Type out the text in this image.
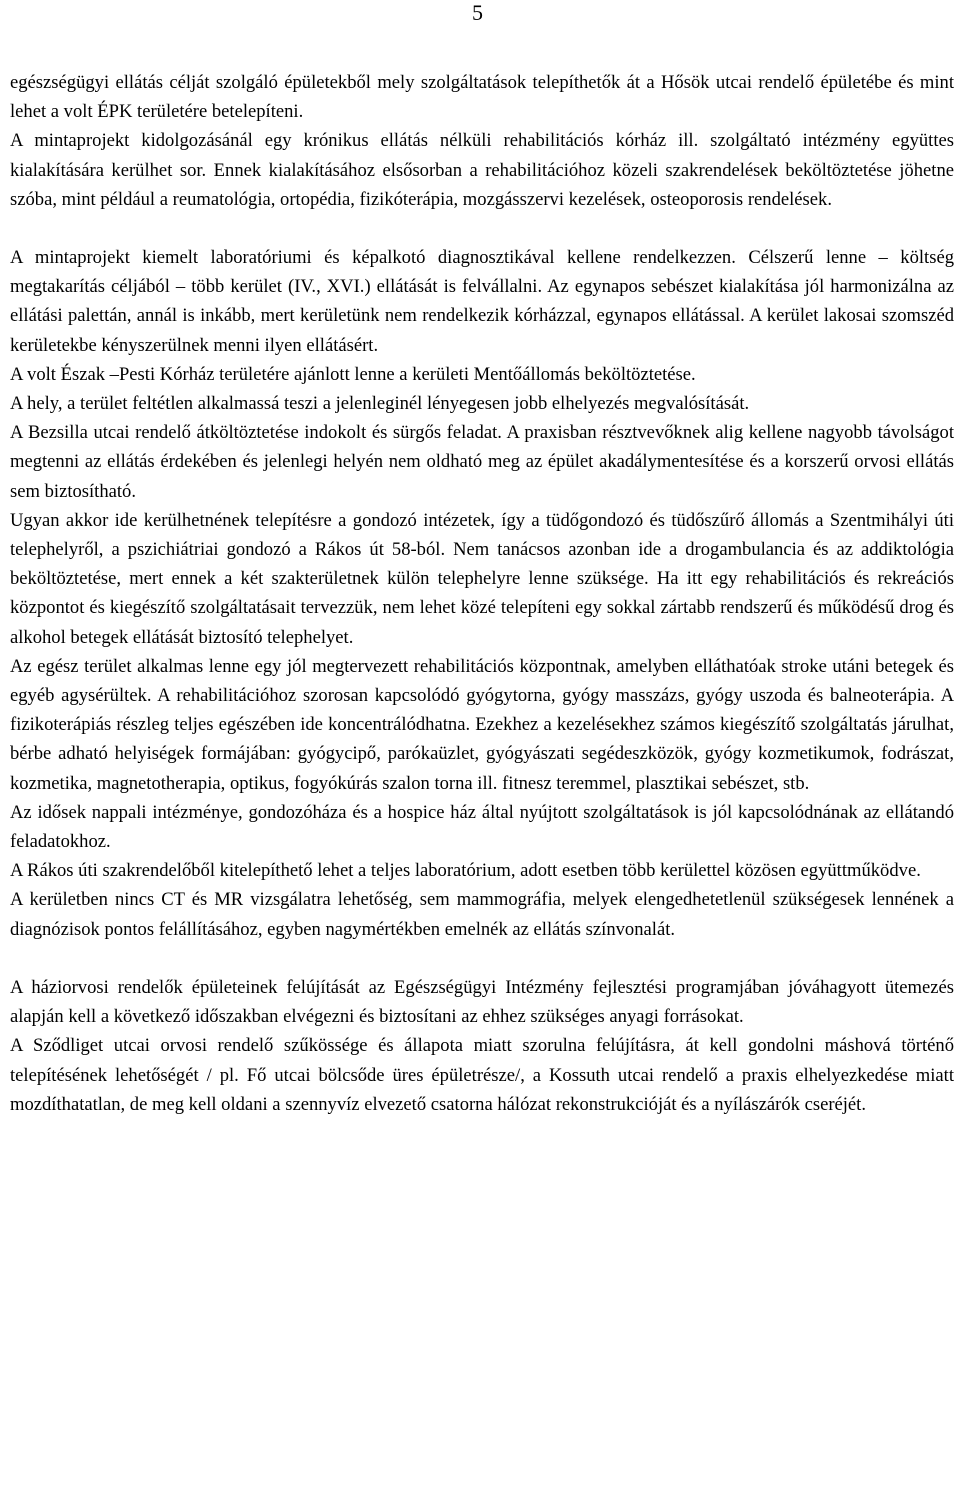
5

egészségügyi ellátás célját szolgáló épületekből mely szolgáltatások telepíthetők át a Hősök utcai rendelő épületébe és mint lehet a volt ÉPK területére betelepíteni.

A mintaprojekt kidolgozásánál egy krónikus ellátás nélküli rehabilitációs kórház ill. szolgáltató intézmény együttes kialakítására kerülhet sor. Ennek kialakításához elsősorban a rehabilitációhoz közeli szakrendelések beköltöztetése jöhetne szóba, mint például a reumatológia, ortopédia, fizikóterápia, mozgásszervi kezelések, osteoporosis rendelések.

A mintaprojekt kiemelt laboratóriumi és képalkotó diagnosztikával kellene rendelkezzen. Célszerű lenne – költség megtakarítás céljából – több kerület (IV., XVI.) ellátását is felvállalni. Az egynapos sebészet kialakítása jól harmonizálna az ellátási palettán, annál is inkább, mert kerületünk nem rendelkezik kórházzal, egynapos ellátással. A kerület lakosai szomszéd kerületekbe kényszerülnek menni ilyen ellátásért.

A volt Észak –Pesti Kórház területére ajánlott lenne a kerületi Mentőállomás beköltöztetése.

A hely, a terület feltétlen alkalmassá teszi a jelenleginél lényegesen jobb elhelyezés megvalósítását.

A Bezsilla utcai rendelő átköltöztetése indokolt és sürgős feladat. A praxisban résztvevőknek alig kellene nagyobb távolságot megtenni az ellátás érdekében és jelenlegi helyén nem oldható meg az épület akadálymentesítése és a korszerű orvosi ellátás sem biztosítható.

Ugyan akkor ide kerülhetnének telepítésre a gondozó intézetek, így a tüdőgondozó és tüdőszűrő állomás a Szentmihályi úti telephelyről, a pszichiátriai gondozó a Rákos út 58-ból. Nem tanácsos azonban ide a drogambulancia és az addiktológia beköltöztetése, mert ennek a két szakterületnek külön telephelyre lenne szüksége. Ha itt egy rehabilitációs és rekreációs központot és kiegészítő szolgáltatásait tervezzük, nem lehet közé telepíteni egy sokkal zártabb rendszerű és működésű drog és alkohol betegek ellátását biztosító telephelyet.

Az egész terület alkalmas lenne egy jól megtervezett rehabilitációs központnak, amelyben elláthatóak stroke utáni betegek és egyéb agysérültek. A rehabilitációhoz szorosan kapcsolódó gyógytorna, gyógy masszázs, gyógy uszoda és balneoterápia. A fizikoterápiás részleg teljes egészében ide koncentrálódhatna. Ezekhez a kezelésekhez számos kiegészítő szolgáltatás járulhat, bérbe adható helyiségek formájában: gyógycipő, parókaüzlet, gyógyászati segédeszközök, gyógy kozmetikumok, fodrászat, kozmetika, magnetotherapia, optikus, fogyókúrás szalon torna ill. fitnesz teremmel, plasztikai sebészet, stb.

Az idősek nappali intézménye, gondozóháza és a hospice ház által nyújtott szolgáltatások is jól kapcsolódnának az ellátandó feladatokhoz.

A Rákos úti szakrendelőből kitelepíthető lehet a teljes laboratórium, adott esetben több kerülettel közösen együttműködve.

A kerületben nincs CT és MR vizsgálatra lehetőség, sem mammográfia, melyek elengedhetetlenül szükségesek lennének a diagnózisok pontos felállításához, egyben nagymértékben emelnék az ellátás színvonalát.

A háziorvosi rendelők épületeinek felújítását az Egészségügyi Intézmény fejlesztési programjában jóváhagyott ütemezés alapján kell a következő időszakban elvégezni és biztosítani az ehhez szükséges anyagi forrásokat.

A Sződliget utcai orvosi rendelő szűkössége és állapota miatt szorulna felújításra, át kell gondolni máshová történő telepítésének lehetőségét / pl. Fő utcai bölcsőde üres épületrésze/, a Kossuth utcai rendelő a praxis elhelyezkedése miatt mozdíthatatlan, de meg kell oldani a szennyvíz elvezető csatorna hálózat rekonstrukcióját és a nyílászárók cseréjét.
